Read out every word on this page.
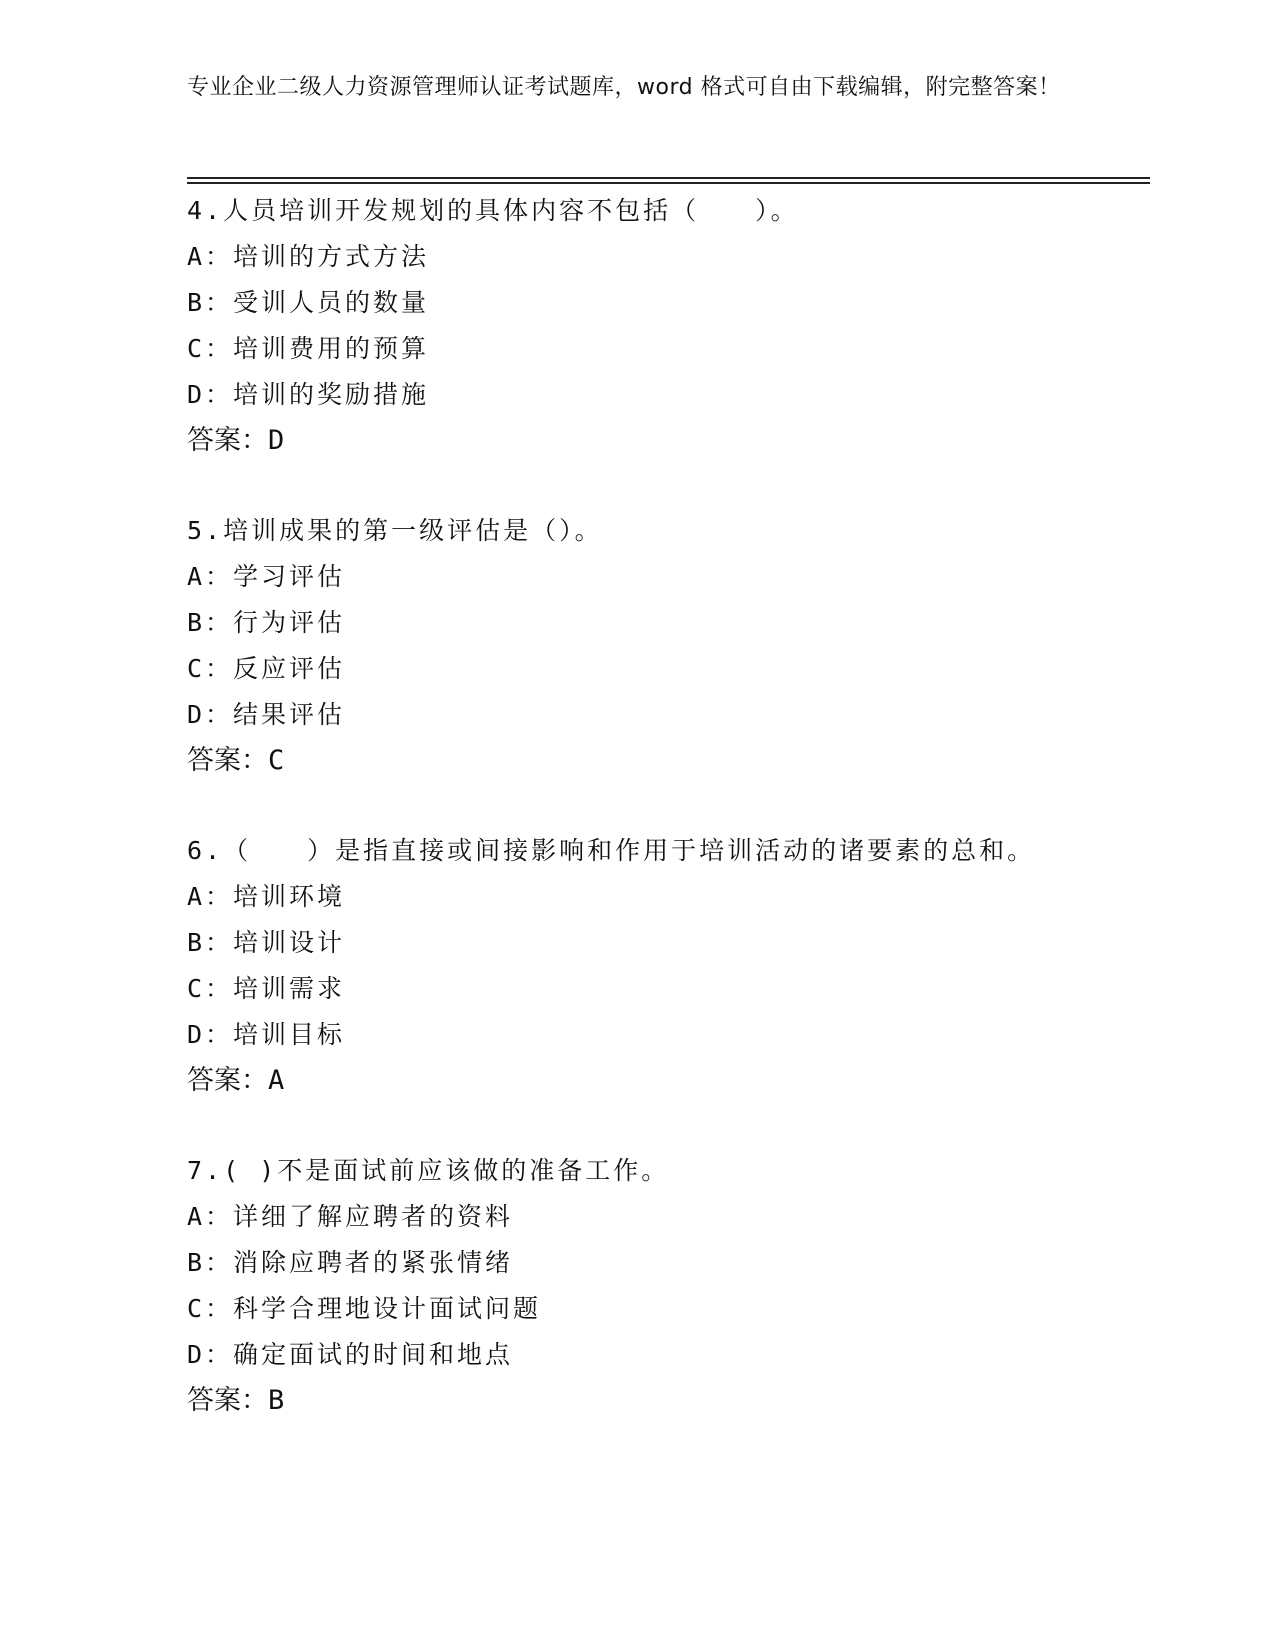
专业企业二级人力资源管理师认证考试题库，word 格式可自由下载编辑，附完整答案！
4.人员培训开发规划的具体内容不包括（　　）。
A：培训的方式方法
B：受训人员的数量
C：培训费用的预算
D：培训的奖励措施
答案：D
5.培训成果的第一级评估是（）。
A：学习评估
B：行为评估
C：反应评估
D：结果评估
答案：C
6.（　　）是指直接或间接影响和作用于培训活动的诸要素的总和。
A：培训环境
B：培训设计
C：培训需求
D：培训目标
答案：A
7.( )不是面试前应该做的准备工作。
A：详细了解应聘者的资料
B：消除应聘者的紧张情绪
C：科学合理地设计面试问题
D：确定面试的时间和地点
答案：B
